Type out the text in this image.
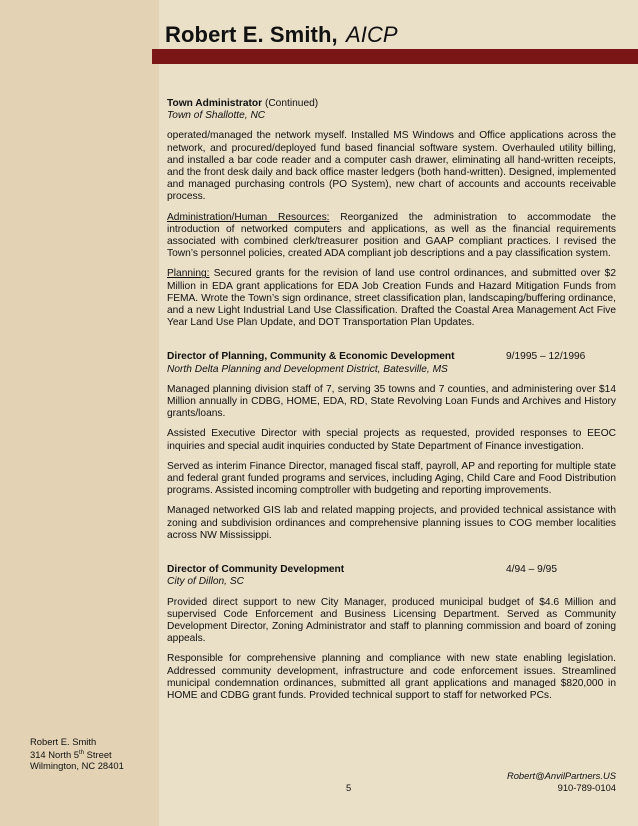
Robert E. Smith, AICP
Town Administrator (Continued)
Town of Shallotte, NC

operated/managed the network myself. Installed MS Windows and Office applications across the network, and procured/deployed fund based financial software system. Overhauled utility billing, and installed a bar code reader and a computer cash drawer, eliminating all hand-written receipts, and the front desk daily and back office master ledgers (both hand-written). Designed, implemented and managed purchasing controls (PO System), new chart of accounts and accounts receivable process.

Administration/Human Resources: Reorganized the administration to accommodate the introduction of networked computers and applications, as well as the financial requirements associated with combined clerk/treasurer position and GAAP compliant practices. I revised the Town’s personnel policies, created ADA compliant job descriptions and a pay classification system.

Planning: Secured grants for the revision of land use control ordinances, and submitted over $2 Million in EDA grant applications for EDA Job Creation Funds and Hazard Mitigation Funds from FEMA. Wrote the Town’s sign ordinance, street classification plan, landscaping/buffering ordinance, and a new Light Industrial Land Use Classification. Drafted the Coastal Area Management Act Five Year Land Use Plan Update, and DOT Transportation Plan Updates.

Director of Planning, Community & Economic Development	9/1995 – 12/1996
North Delta Planning and Development District, Batesville, MS

Managed planning division staff of 7, serving 35 towns and 7 counties, and administering over $14 Million annually in CDBG, HOME, EDA, RD, State Revolving Loan Funds and Archives and History grants/loans.

Assisted Executive Director with special projects as requested, provided responses to EEOC inquiries and special audit inquiries conducted by State Department of Finance investigation.

Served as interim Finance Director, managed fiscal staff, payroll, AP and reporting for multiple state and federal grant funded programs and services, including Aging, Child Care and Food Distribution programs. Assisted incoming comptroller with budgeting and reporting improvements.

Managed networked GIS lab and related mapping projects, and provided technical assistance with zoning and subdivision ordinances and comprehensive planning issues to COG member localities across NW Mississippi.

Director of Community Development	4/94 – 9/95
City of Dillon, SC

Provided direct support to new City Manager, produced municipal budget of $4.6 Million and supervised Code Enforcement and Business Licensing Department. Served as Community Development Director, Zoning Administrator and staff to planning commission and board of zoning appeals.

Responsible for comprehensive planning and compliance with new state enabling legislation. Addressed community development, infrastructure and code enforcement issues. Streamlined municipal condemnation ordinances, submitted all grant applications and managed $820,000 in HOME and CDBG grant funds. Provided technical support to staff for networked PCs.

Robert E. Smith
314 North 5th Street
Wilmington, NC 28401
Robert@AnvilPartners.US
5	910-789-0104
